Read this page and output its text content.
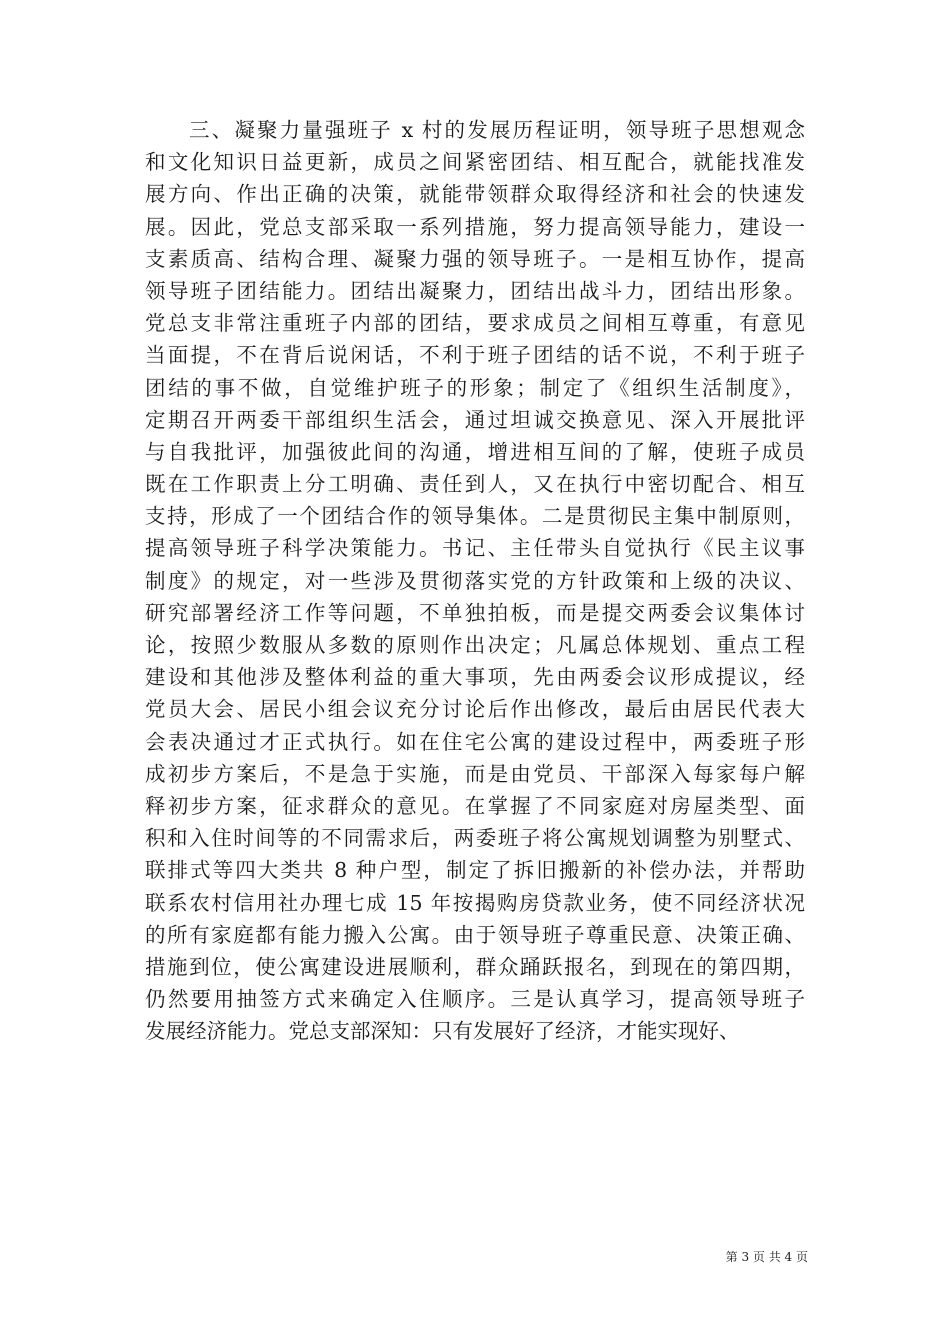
三、凝聚力量强班子 x 村的发展历程证明，领导班子思想观念
和文化知识日益更新，成员之间紧密团结、相互配合，就能找准发
展方向、作出正确的决策，就能带领群众取得经济和社会的快速发
展。因此，党总支部采取一系列措施，努力提高领导能力，建设一
支素质高、结构合理、凝聚力强的领导班子。一是相互协作，提高
领导班子团结能力。团结出凝聚力，团结出战斗力，团结出形象。
党总支非常注重班子内部的团结，要求成员之间相互尊重，有意见
当面提，不在背后说闲话，不利于班子团结的话不说，不利于班子
团结的事不做，自觉维护班子的形象；制定了《组织生活制度》，
定期召开两委干部组织生活会，通过坦诚交换意见、深入开展批评
与自我批评，加强彼此间的沟通，增进相互间的了解，使班子成员
既在工作职责上分工明确、责任到人，又在执行中密切配合、相互
支持，形成了一个团结合作的领导集体。二是贯彻民主集中制原则，
提高领导班子科学决策能力。书记、主任带头自觉执行《民主议事
制度》的规定，对一些涉及贯彻落实党的方针政策和上级的决议、
研究部署经济工作等问题，不单独拍板，而是提交两委会议集体讨
论，按照少数服从多数的原则作出决定；凡属总体规划、重点工程
建设和其他涉及整体利益的重大事项，先由两委会议形成提议，经
党员大会、居民小组会议充分讨论后作出修改，最后由居民代表大
会表决通过才正式执行。如在住宅公寓的建设过程中，两委班子形
成初步方案后，不是急于实施，而是由党员、干部深入每家每户解
释初步方案，征求群众的意见。在掌握了不同家庭对房屋类型、面
积和入住时间等的不同需求后，两委班子将公寓规划调整为别墅式、
联排式等四大类共 8 种户型，制定了拆旧搬新的补偿办法，并帮助
联系农村信用社办理七成 15 年按揭购房贷款业务，使不同经济状况
的所有家庭都有能力搬入公寓。由于领导班子尊重民意、决策正确、
措施到位，使公寓建设进展顺利，群众踊跃报名，到现在的第四期，
仍然要用抽签方式来确定入住顺序。三是认真学习，提高领导班子
发展经济能力。党总支部深知：只有发展好了经济，才能实现好、
第 3 页 共 4 页
